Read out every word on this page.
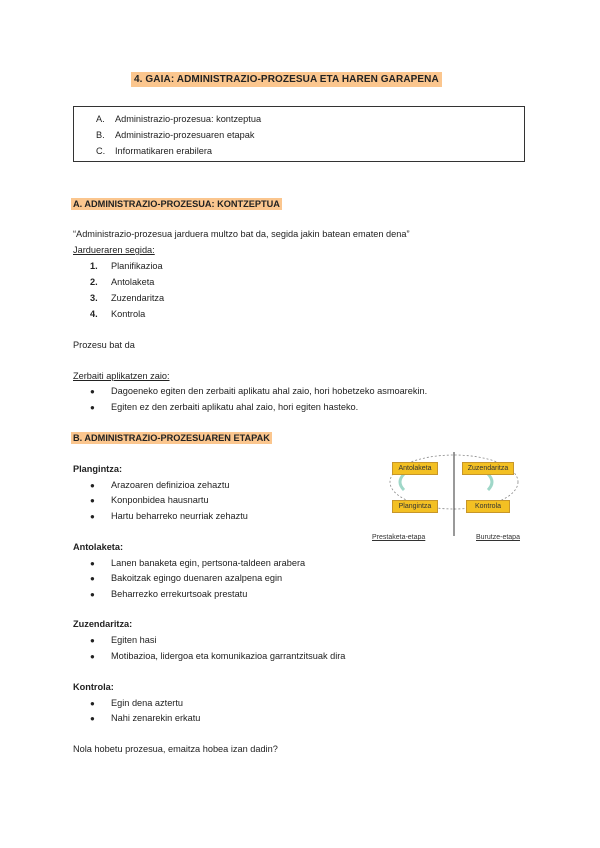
4. GAIA: ADMINISTRAZIO-PROZESUA ETA HAREN GARAPENA
A. Administrazio-prozesua: kontzeptua
B. Administrazio-prozesuaren etapak
C. Informatikaren erabilera
A. ADMINISTRAZIO-PROZESUA: KONTZEPTUA
“Administrazio-prozesua jarduera multzo bat da, segida jakin batean ematen dena”
Jardueraren segida:
1. Planifikazioa
2. Antolaketa
3. Zuzendaritza
4. Kontrola
Prozesu bat da
Zerbaiti aplikatzen zaio:
● Dagoeneko egiten den zerbaiti aplikatu ahal zaio, hori hobetzeko asmoarekin.
● Egiten ez den zerbaiti aplikatu ahal zaio, hori egiten hasteko.
B. ADMINISTRAZIO-PROZESUAREN ETAPAK
Plangintza:
● Arazoaren definizioa zehaztu
● Konponbidea hausnartu
● Hartu beharreko neurriak zehaztu
Antolaketa:
● Lanen banaketa egin, pertsona-taldeen arabera
● Bakoitzak egingo duenaren azalpena egin
● Beharrezko errekurtsoak prestatu
Zuzendaritza:
● Egiten hasi
● Motibazioa, lidergoa eta komunikazioa garrantzitsuak dira
Kontrola:
● Egin dena aztertu
● Nahi zenarekin erkatu
Nola hobetu prozesua, emaitza hobea izan dadin?
Antolaketa	Zuzendaritza
Plangintza	Kontrola
Prestaketa-etapa	Burutze-etapa
